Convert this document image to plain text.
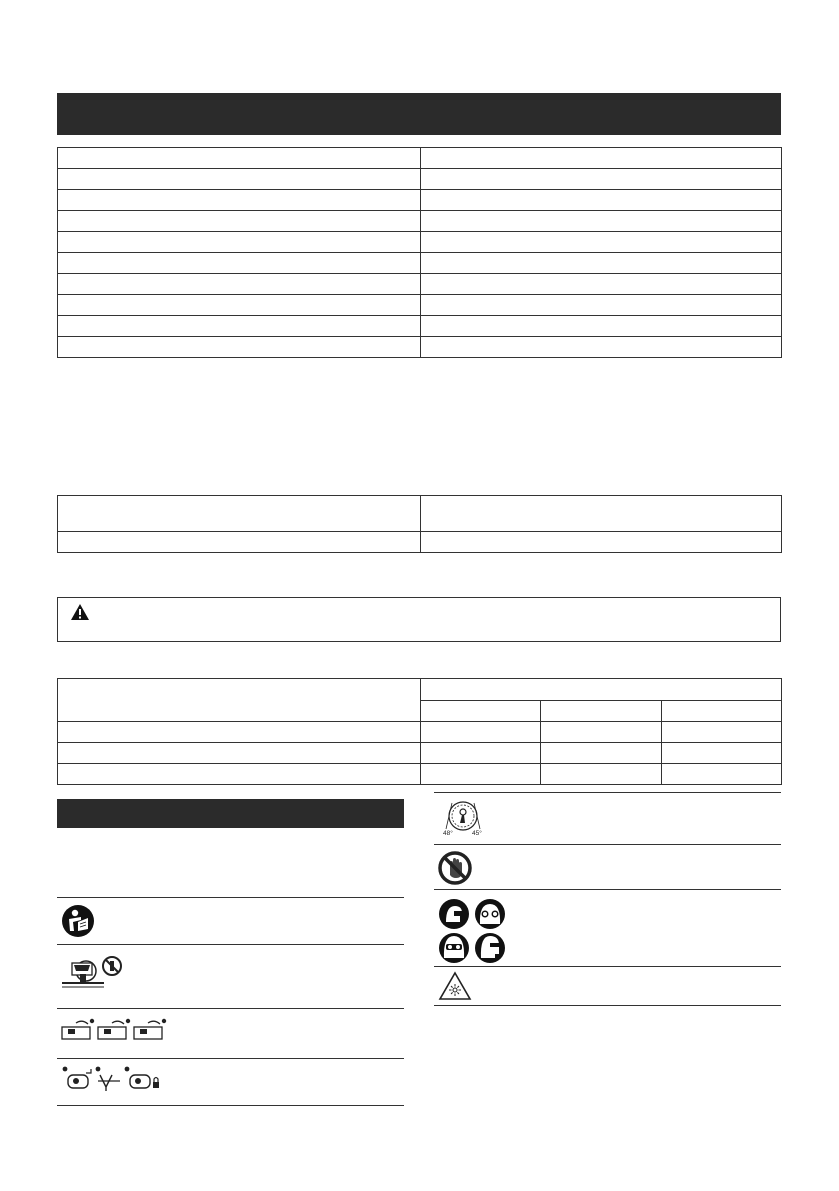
48°	45°
